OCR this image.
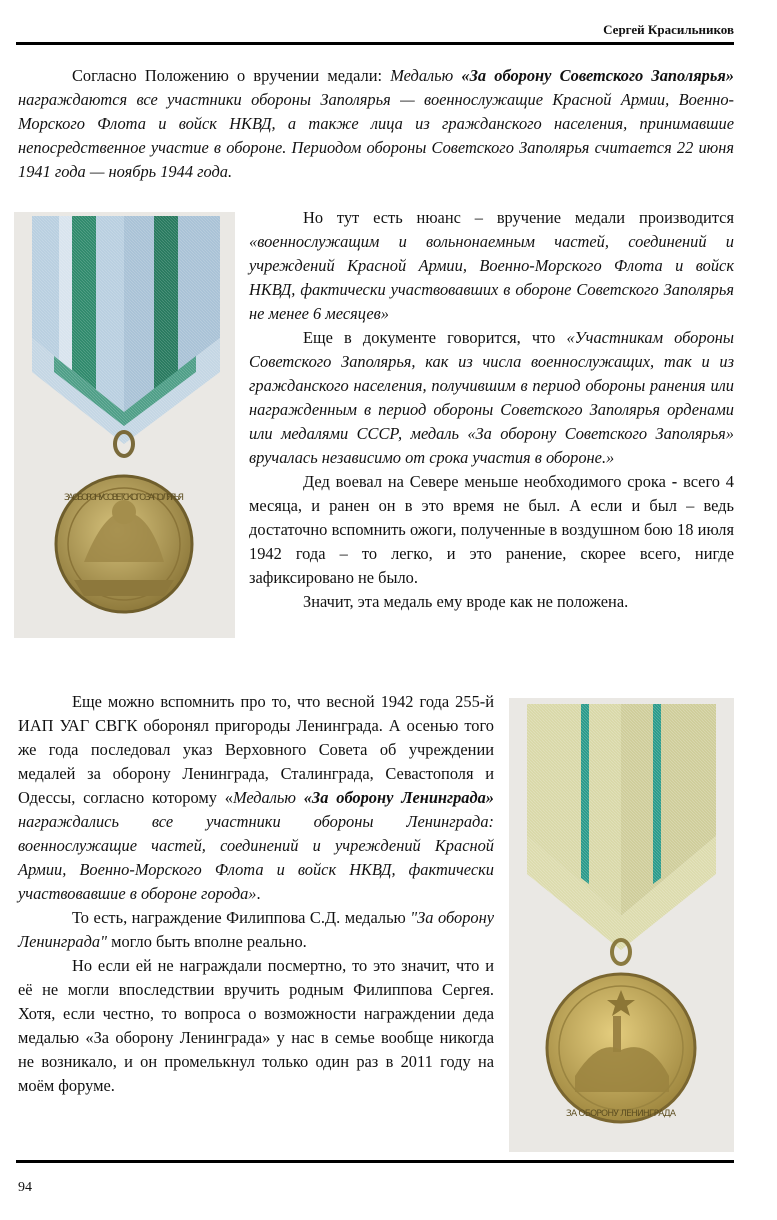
Сергей Красильников

Согласно Положению о вручении медали: Медалью «За оборону Советского Заполярья» награждаются все участники обороны Заполярья — военнослужащие Красной Армии, Военно-Морского Флота и войск НКВД, а также лица из гражданского населения, принимавшие непосредственное участие в обороне. Периодом обороны Советского Заполярья считается 22 июня 1941 года — ноябрь 1944 года.

ЗА ОБОРОНУ СОВЕТСКОГО ЗАПОЛЯРЬЯ

Но тут есть нюанс – вручение медали производится «военнослужащим и вольнонаемным частей, соединений и учреждений Красной Армии, Военно-Морского Флота и войск НКВД, фактически участвовавших в обороне Советского Заполярья не менее 6 месяцев»

Еще в документе говорится, что «Участникам обороны Советского Заполярья, как из числа военнослужащих, так и из гражданского населения, получившим в период обороны ранения или награжденным в период обороны Советского Заполярья орденами или медалями СССР, медаль «За оборону Советского Заполярья» вручалась независимо от срока участия в обороне.»

Дед воевал на Севере меньше необходимого срока - всего 4 месяца, и ранен он в это время не был. А если и был – ведь достаточно вспомнить ожоги, полученные в воздушном бою 18 июля 1942 года – то легко, и это ранение, скорее всего, нигде зафиксировано не было.

Значит, эта медаль ему вроде как не положена.

Еще можно вспомнить про то, что весной 1942 года 255-й ИАП УАГ СВГК оборонял пригороды Ленинграда. А осенью того же года последовал указ Верховного Совета об учреждении медалей за оборону Ленинграда, Сталинграда, Севастополя и Одессы, согласно которому «Медалью «За оборону Ленинграда» награждались все участники обороны Ленинграда: военнослужащие частей, соединений и учреждений Красной Армии, Военно-Морского Флота и войск НКВД, фактически участвовавшие в обороне города».

То есть, награждение Филиппова С.Д. медалью "За оборону Ленинграда" могло быть вполне реально.

Но если ей не награждали посмертно, то это значит, что и её не могли впоследствии вручить родным Филиппова Сергея. Хотя, если честно, то вопроса о возможности награждении деда медалью «За оборону Ленинграда» у нас в семье вообще никогда не возникало, и он промелькнул только один раз в 2011 году на моём форуме.

ЗА ОБОРОНУ ЛЕНИНГРАДА
94
